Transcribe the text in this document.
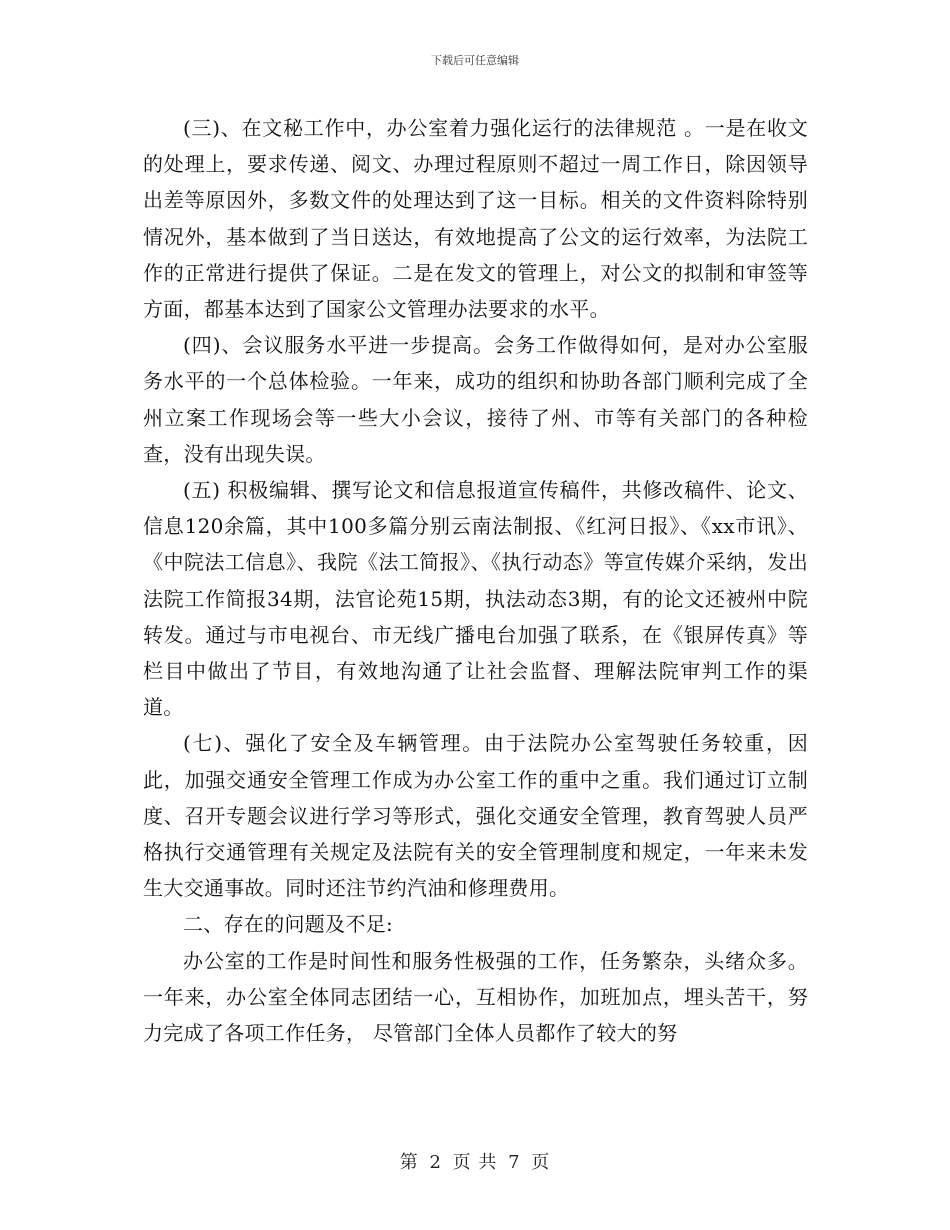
下载后可任意编辑

(三)、在文秘工作中，办公室着力强化运行的法律规范 。一是在收文的处理上，要求传递、阅文、办理过程原则不超过一周工作日，除因领导出差等原因外，多数文件的处理达到了这一目标。相关的文件资料除特别情况外，基本做到了当日送达，有效地提高了公文的运行效率，为法院工作的正常进行提供了保证。二是在发文的管理上，对公文的拟制和审签等方面，都基本达到了国家公文管理办法要求的水平。

(四)、会议服务水平进一步提高。会务工作做得如何，是对办公室服务水平的一个总体检验。一年来，成功的组织和协助各部门顺利完成了全州立案工作现场会等一些大小会议，接待了州、市等有关部门的各种检查，没有出现失误。

(五) 积极编辑、撰写论文和信息报道宣传稿件，共修改稿件、论文、信息120余篇，其中100多篇分别云南法制报、《红河日报》、《xx市讯》、《中院法工信息》、我院《法工简报》、《执行动态》等宣传媒介采纳，发出法院工作简报34期，法官论苑15期，执法动态3期，有的论文还被州中院转发。通过与市电视台、市无线广播电台加强了联系，在《银屏传真》等栏目中做出了节目，有效地沟通了让社会监督、理解法院审判工作的渠道。

(七)、强化了安全及车辆管理。由于法院办公室驾驶任务较重，因此，加强交通安全管理工作成为办公室工作的重中之重。我们通过订立制度、召开专题会议进行学习等形式，强化交通安全管理，教育驾驶人员严格执行交通管理有关规定及法院有关的安全管理制度和规定，一年来未发生大交通事故。同时还注节约汽油和修理费用。

二、存在的问题及不足:

办公室的工作是时间性和服务性极强的工作，任务繁杂，头绪众多。一年来，办公室全体同志团结一心，互相协作，加班加点，埋头苦干，努力完成了各项工作任务， 尽管部门全体人员都作了较大的努

第 2 页 共 7 页
